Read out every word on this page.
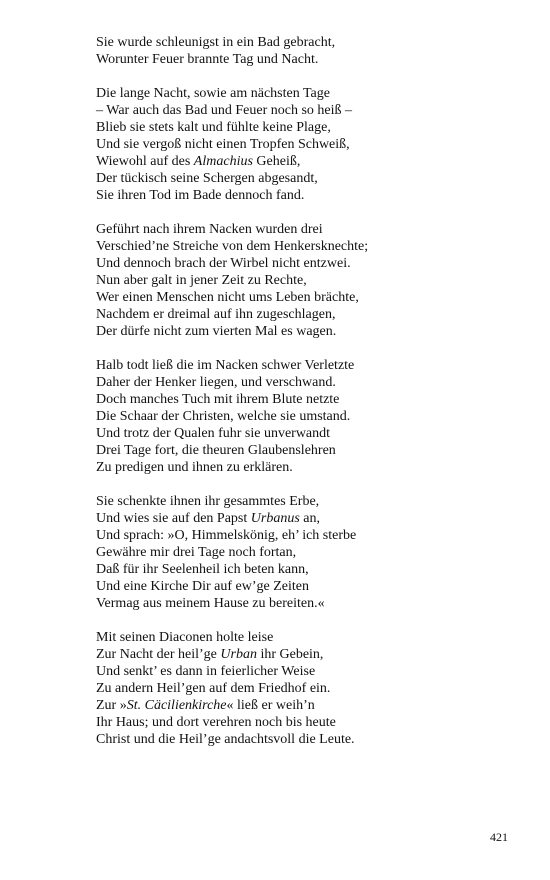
Sie wurde schleunigst in ein Bad gebracht,
Worunter Feuer brannte Tag und Nacht.
Die lange Nacht, sowie am nächsten Tage
– War auch das Bad und Feuer noch so heiß –
Blieb sie stets kalt und fühlte keine Plage,
Und sie vergoß nicht einen Tropfen Schweiß,
Wiewohl auf des Almachius Geheiß,
Der tückisch seine Schergen abgesandt,
Sie ihren Tod im Bade dennoch fand.
Geführt nach ihrem Nacken wurden drei
Verschied’ne Streiche von dem Henkersknechte;
Und dennoch brach der Wirbel nicht entzwei.
Nun aber galt in jener Zeit zu Rechte,
Wer einen Menschen nicht ums Leben brächte,
Nachdem er dreimal auf ihn zugeschlagen,
Der dürfe nicht zum vierten Mal es wagen.
Halb todt ließ die im Nacken schwer Verletzte
Daher der Henker liegen, und verschwand.
Doch manches Tuch mit ihrem Blute netzte
Die Schaar der Christen, welche sie umstand.
Und trotz der Qualen fuhr sie unverwandt
Drei Tage fort, die theuren Glaubenslehren
Zu predigen und ihnen zu erklären.
Sie schenkte ihnen ihr gesammtes Erbe,
Und wies sie auf den Papst Urbanus an,
Und sprach: »O, Himmelskönig, eh’ ich sterbe
Gewähre mir drei Tage noch fortan,
Daß für ihr Seelenheil ich beten kann,
Und eine Kirche Dir auf ew’ge Zeiten
Vermag aus meinem Hause zu bereiten.«
Mit seinen Diaconen holte leise
Zur Nacht der heil’ge Urban ihr Gebein,
Und senkt’ es dann in feierlicher Weise
Zu andern Heil’gen auf dem Friedhof ein.
Zur »St. Cäcilienkirche« ließ er weih’n
Ihr Haus; und dort verehren noch bis heute
Christ und die Heil’ge andachtsvoll die Leute.
421
